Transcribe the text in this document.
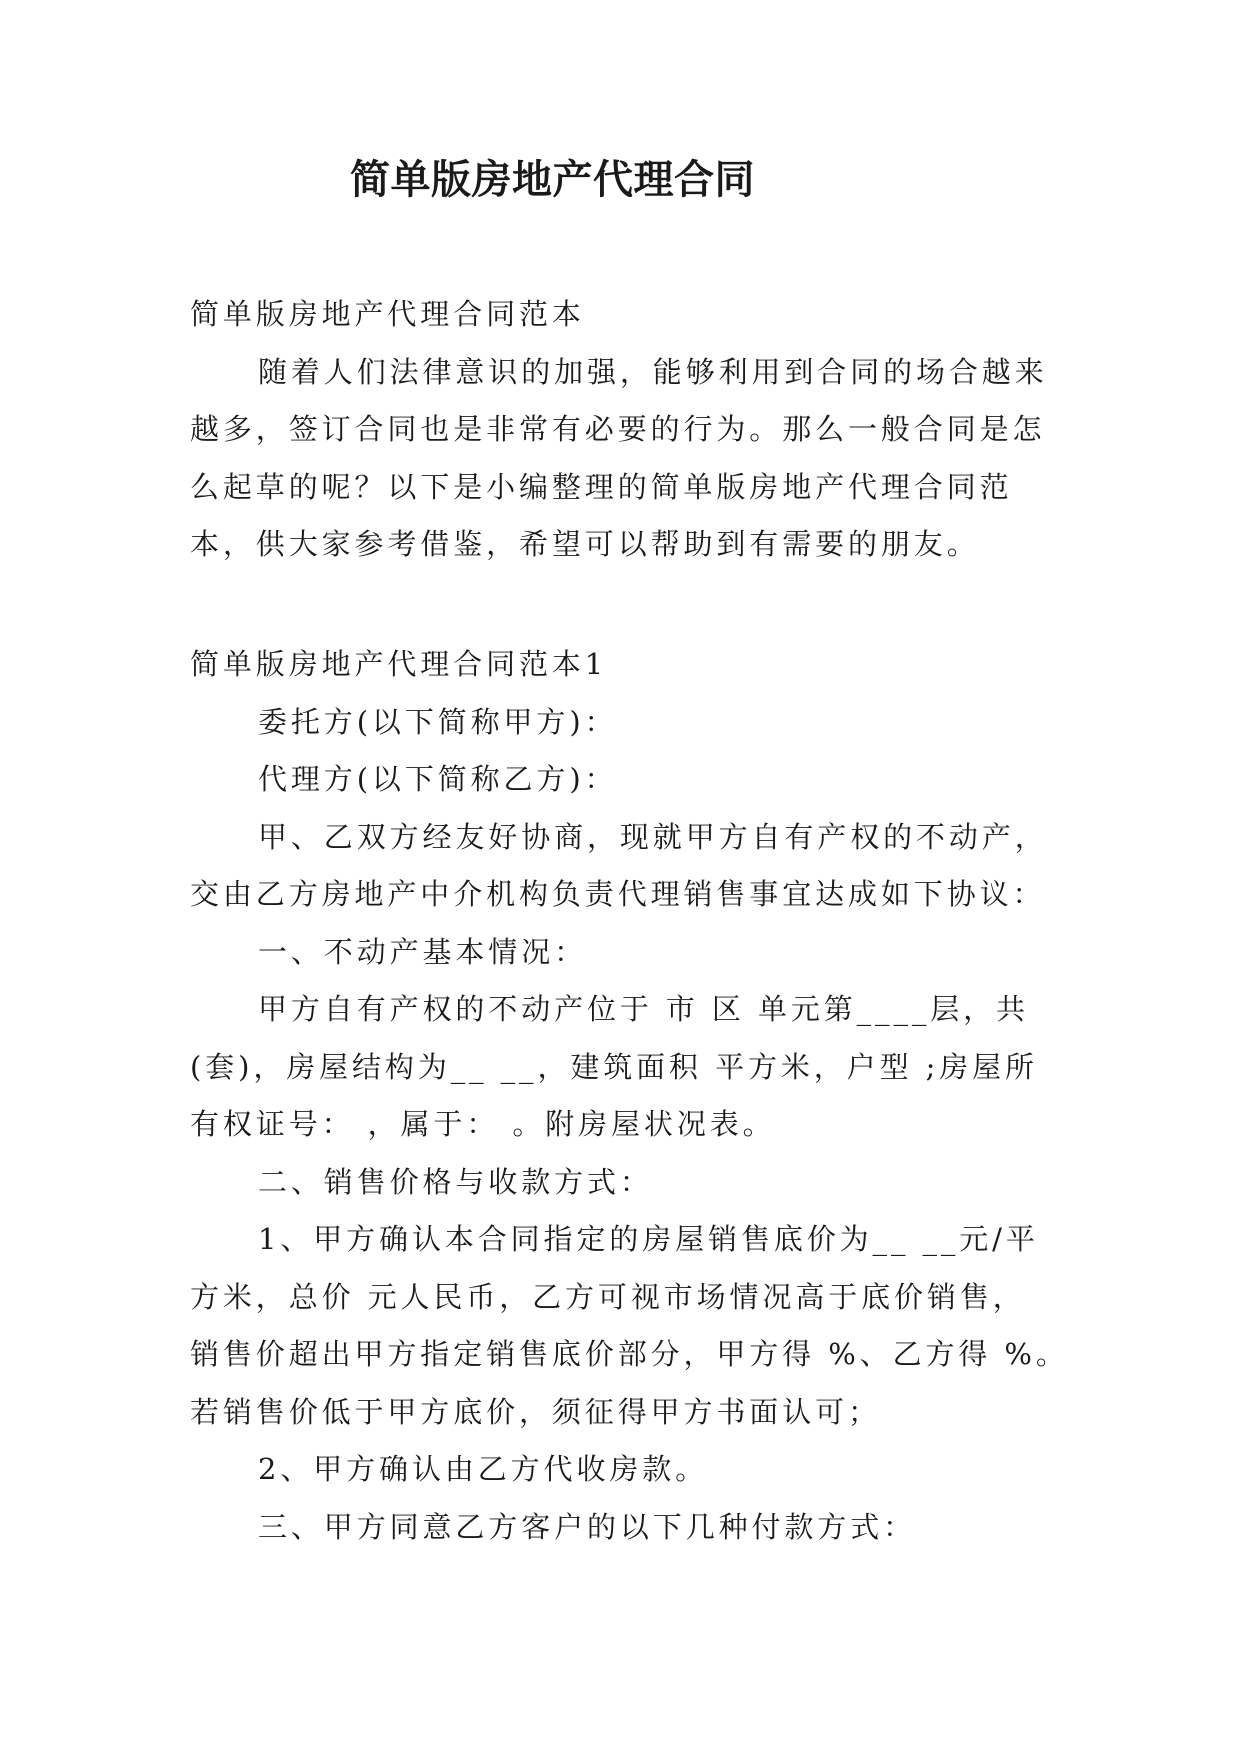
简单版房地产代理合同
简单版房地产代理合同范本
随着人们法律意识的加强，能够利用到合同的场合越来
越多，签订合同也是非常有必要的行为。那么一般合同是怎
么起草的呢？以下是小编整理的简单版房地产代理合同范
本，供大家参考借鉴，希望可以帮助到有需要的朋友。
简单版房地产代理合同范本1
委托方(以下简称甲方)：
代理方(以下简称乙方)：
甲、乙双方经友好协商，现就甲方自有产权的不动产，
交由乙方房地产中介机构负责代理销售事宜达成如下协议：
一、不动产基本情况：
甲方自有产权的不动产位于 市 区 单元第____层，共
(套)，房屋结构为__ __，建筑面积 平方米，户型 ;房屋所
有权证号： ，属于： 。附房屋状况表。
二、销售价格与收款方式：
1、甲方确认本合同指定的房屋销售底价为__ __元/平
方米，总价 元人民币，乙方可视市场情况高于底价销售，
销售价超出甲方指定销售底价部分，甲方得 %、乙方得 %。
若销售价低于甲方底价，须征得甲方书面认可；
2、甲方确认由乙方代收房款。
三、甲方同意乙方客户的以下几种付款方式：
